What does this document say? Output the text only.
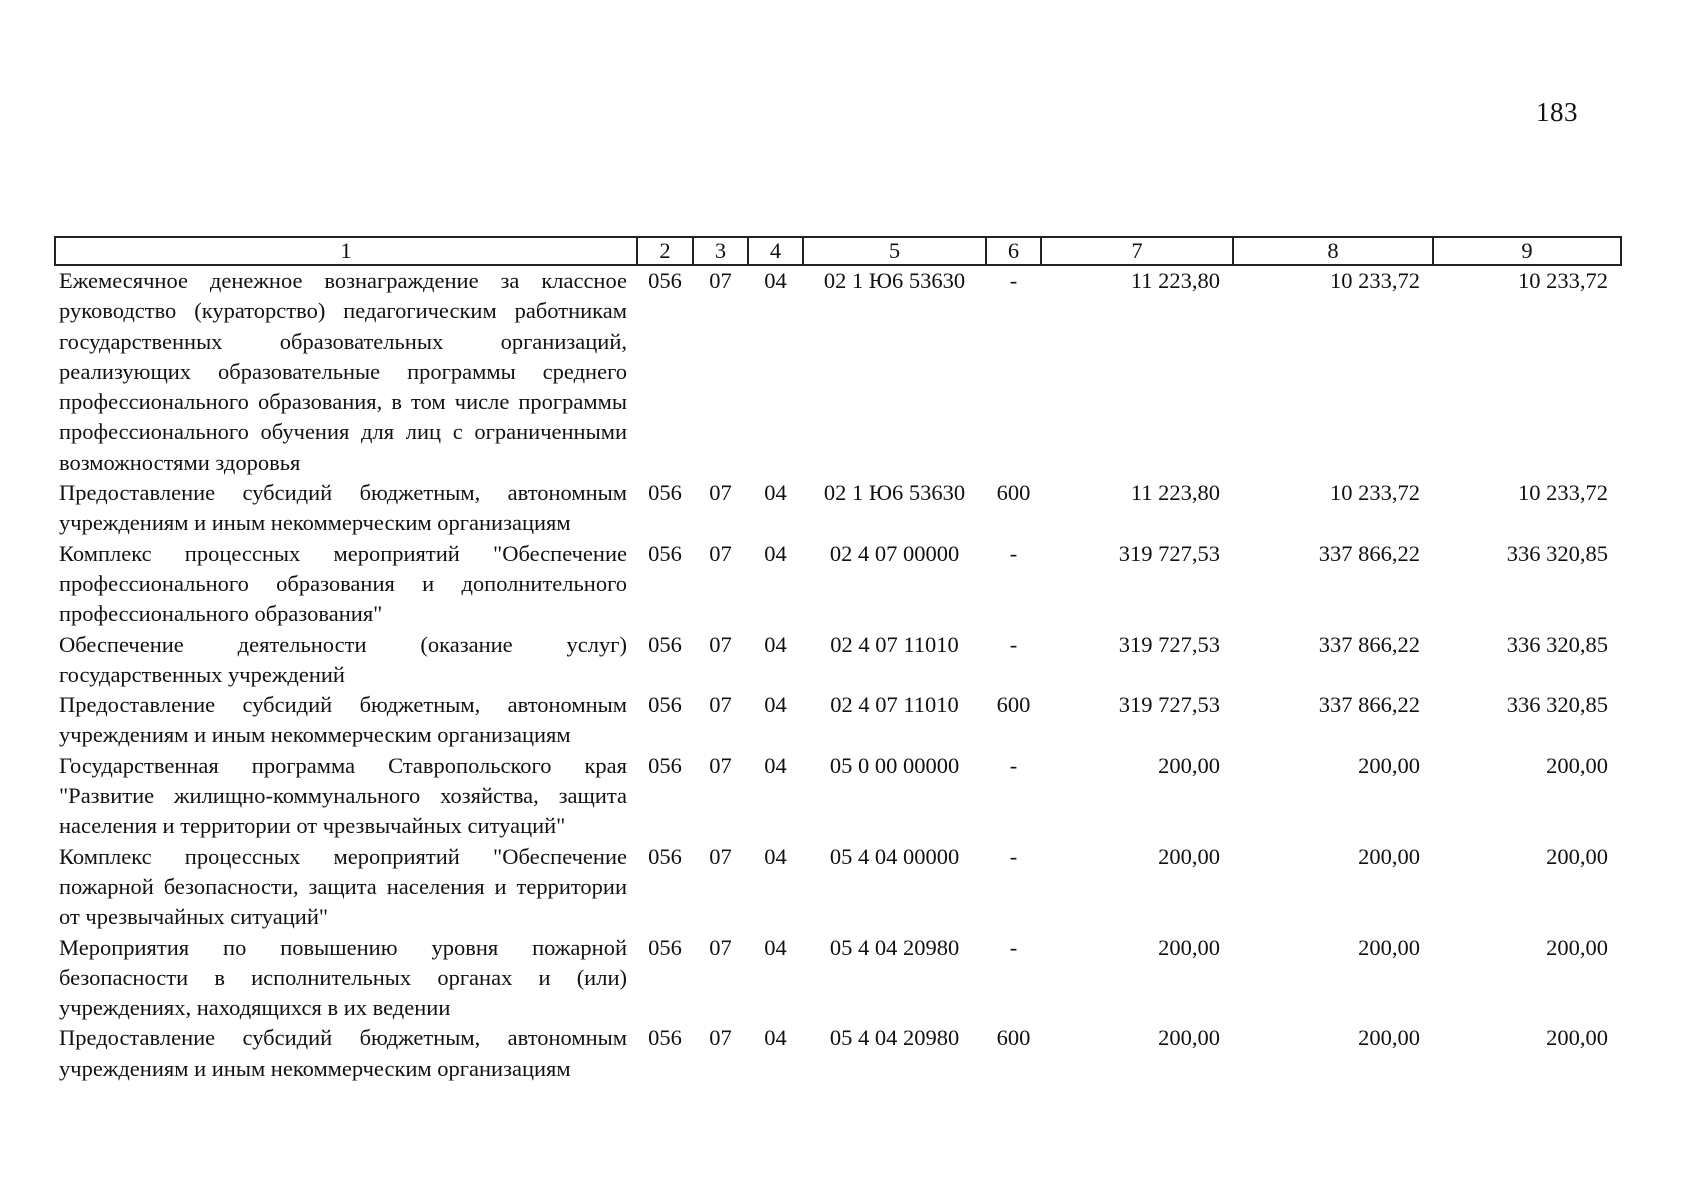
183
1	2	3	4	5	6	7	8	9
Ежемесячное денежное вознаграждение за классное руководство (кураторство) педагогическим работникам государственных образовательных организаций, реализующих образовательные программы среднего профессионального образования, в том числе программы профессионального обучения для лиц с ограниченными возможностями здоровья	056	07	04	02 1 Ю6 53630	-	11 223,80	10 233,72	10 233,72
Предоставление субсидий бюджетным, автономным учреждениям и иным некоммерческим организациям	056	07	04	02 1 Ю6 53630	600	11 223,80	10 233,72	10 233,72
Комплекс процессных мероприятий "Обеспечение профессионального образования и дополнительного профессионального образования"	056	07	04	02 4 07 00000	-	319 727,53	337 866,22	336 320,85
Обеспечение деятельности (оказание услуг) государственных учреждений	056	07	04	02 4 07 11010	-	319 727,53	337 866,22	336 320,85
Предоставление субсидий бюджетным, автономным учреждениям и иным некоммерческим организациям	056	07	04	02 4 07 11010	600	319 727,53	337 866,22	336 320,85
Государственная программа Ставропольского края "Развитие жилищно-коммунального хозяйства, защита населения и территории от чрезвычайных ситуаций"	056	07	04	05 0 00 00000	-	200,00	200,00	200,00
Комплекс процессных мероприятий "Обеспечение пожарной безопасности, защита населения и территории от чрезвычайных ситуаций"	056	07	04	05 4 04 00000	-	200,00	200,00	200,00
Мероприятия по повышению уровня пожарной безопасности в исполнительных органах и (или) учреждениях, находящихся в их ведении	056	07	04	05 4 04 20980	-	200,00	200,00	200,00
Предоставление субсидий бюджетным, автономным учреждениям и иным некоммерческим организациям	056	07	04	05 4 04 20980	600	200,00	200,00	200,00
